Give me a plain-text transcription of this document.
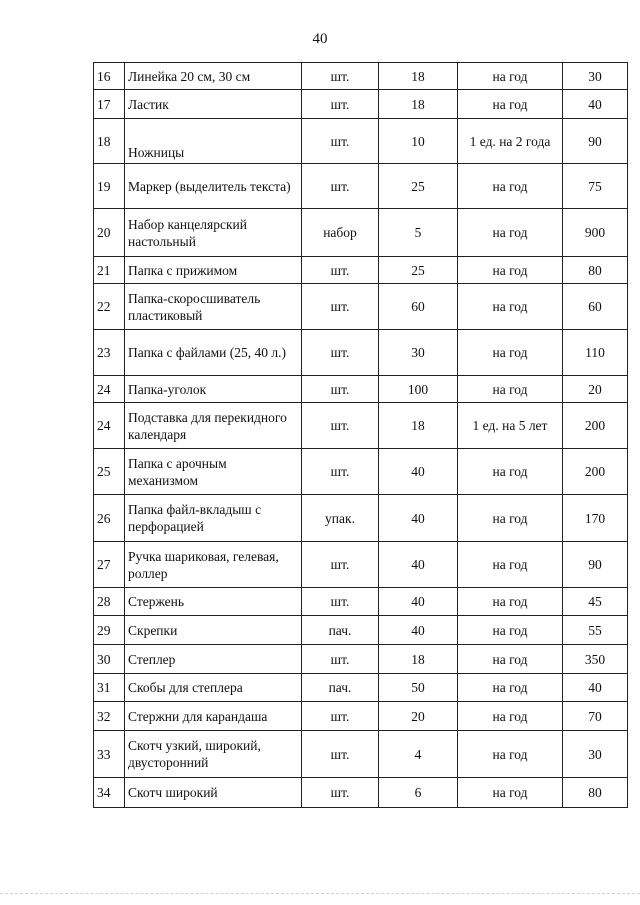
40
16	Линейка 20 см, 30 см	шт.	18	на год	30
17	Ластик	шт.	18	на год	40
18	Ножницы	шт.	10	1 ед. на 2 года	90
19	Маркер (выделитель текста)	шт.	25	на год	75
20	Набор канцелярский настольный	набор	5	на год	900
21	Папка с прижимом	шт.	25	на год	80
22	Папка-скоросшиватель пластиковый	шт.	60	на год	60
23	Папка с файлами (25, 40 л.)	шт.	30	на год	110
24	Папка-уголок	шт.	100	на год	20
24	Подставка для перекидного календаря	шт.	18	1 ед. на 5 лет	200
25	Папка с арочным механизмом	шт.	40	на год	200
26	Папка файл-вкладыш с перфорацией	упак.	40	на год	170
27	Ручка шариковая, гелевая, роллер	шт.	40	на год	90
28	Стержень	шт.	40	на год	45
29	Скрепки	пач.	40	на год	55
30	Степлер	шт.	18	на год	350
31	Скобы для степлера	пач.	50	на год	40
32	Стержни для карандаша	шт.	20	на год	70
33	Скотч узкий, широкий, двусторонний	шт.	4	на год	30
34	Скотч широкий	шт.	6	на год	80
